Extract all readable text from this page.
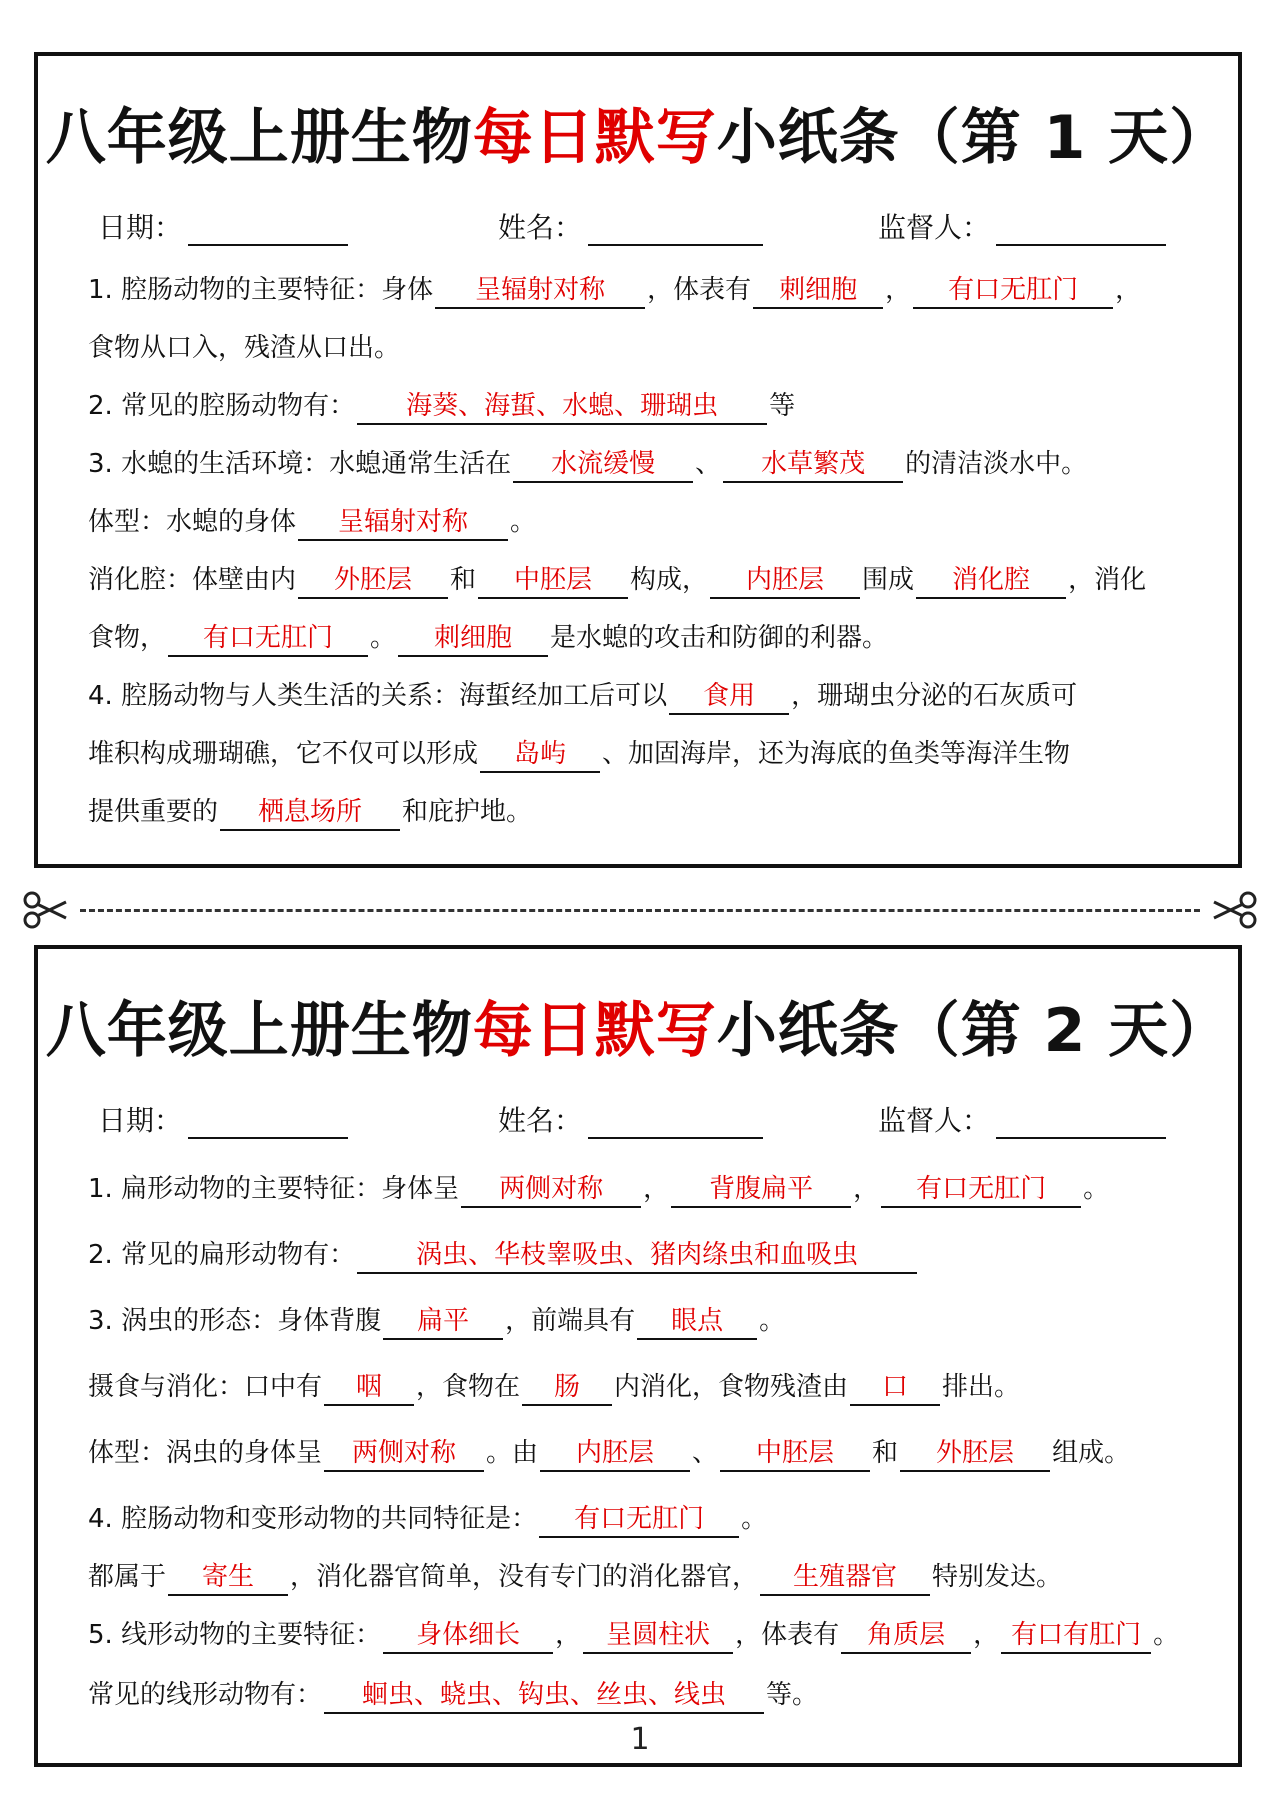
八年级上册生物每日默写小纸条（第 1 天）
日期：	姓名：	监督人：
1. 腔肠动物的主要特征：身体 呈辐射对称 ，体表有 刺细胞 ， 有口无肛门 ，
食物从口入，残渣从口出。
2. 常见的腔肠动物有： 海葵、海蜇、水螅、珊瑚虫 等
3. 水螅的生活环境：水螅通常生活在 水流缓慢 、 水草繁茂 的清洁淡水中。
体型：水螅的身体 呈辐射对称 。
消化腔：体壁由内 外胚层 和 中胚层 构成， 内胚层 围成 消化腔 ，消化
食物， 有口无肛门 。 刺细胞 是水螅的攻击和防御的利器。
4. 腔肠动物与人类生活的关系：海蜇经加工后可以 食用 ，珊瑚虫分泌的石灰质可
堆积构成珊瑚礁，它不仅可以形成 岛屿 、加固海岸，还为海底的鱼类等海洋生物
提供重要的 栖息场所 和庇护地。
八年级上册生物每日默写小纸条（第 2 天）
日期：	姓名：	监督人：
1. 扁形动物的主要特征：身体呈 两侧对称 ， 背腹扁平 ， 有口无肛门 。
2. 常见的扁形动物有： 涡虫、华枝睾吸虫、猪肉绦虫和血吸虫
3. 涡虫的形态：身体背腹 扁平 ，前端具有 眼点 。
摄食与消化：口中有 咽 ，食物在 肠 内消化，食物残渣由 口 排出。
体型：涡虫的身体呈 两侧对称 。由 内胚层 、 中胚层 和 外胚层 组成。
4. 腔肠动物和变形动物的共同特征是： 有口无肛门 。
都属于 寄生 ，消化器官简单，没有专门的消化器官， 生殖器官 特别发达。
5. 线形动物的主要特征： 身体细长 ， 呈圆柱状 ，体表有 角质层 ， 有口有肛门 。
常见的线形动物有： 蛔虫、蛲虫、钩虫、丝虫、线虫 等。
1
